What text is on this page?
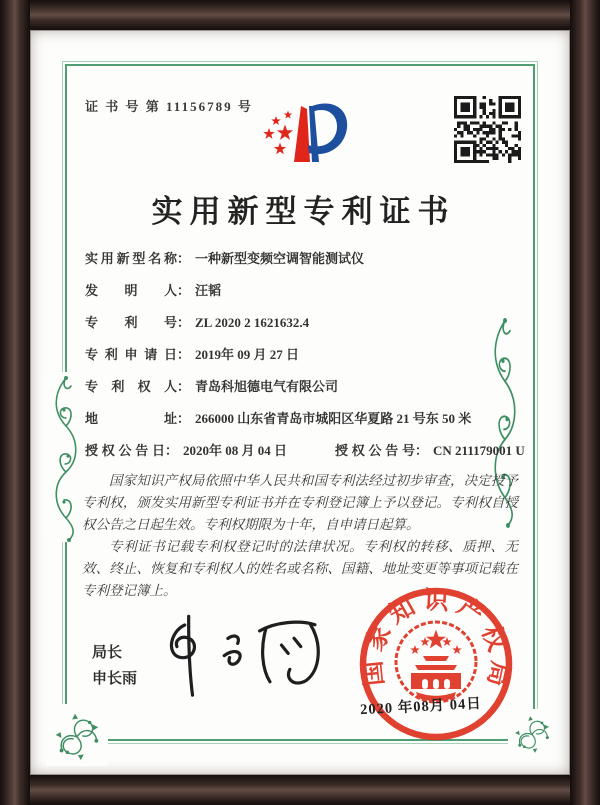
证 书 号 第 11156789 号
实用新型专利证书
实用新型名称 ： 一种新型变频空调智能测试仪
发明人 ： 汪韬
专利号 ： ZL 2020 2 1621632.4
专利申请日 ： 2019年 09 月 27 日
专利权人 ： 青岛科旭德电气有限公司
地址 ： 266000 山东省青岛市城阳区华夏路 21 号东 50 米
授权公告日 ： 2020年 08 月 04 日	授权公告号 ： CN 211179001 U

国家知识产权局依照中华人民共和国专利法经过初步审查，决定授予专利权，颁发实用新型专利证书并在专利登记簿上予以登记。专利权自授权公告之日起生效。专利权期限为十年，自申请日起算。

专利证书记载专利权登记时的法律状况。专利权的转移、质押、无效、终止、恢复和专利权人的姓名或名称、国籍、地址变更等事项记载在专利登记簿上。

局长
申长雨	国家知识产权局
2020 年08月 04日
